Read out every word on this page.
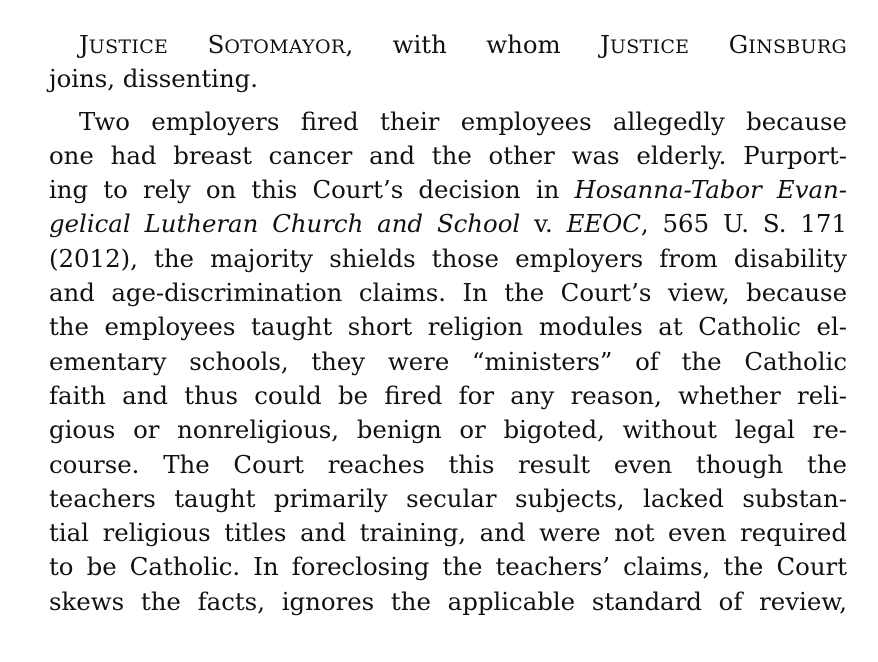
JUSTICE SOTOMAYOR, with whom JUSTICE GINSBURG
joins, dissenting.
Two employers fired their employees allegedly because
one had breast cancer and the other was elderly. Purport-
ing to rely on this Court’s decision in Hosanna-Tabor Evan-
gelical Lutheran Church and School v. EEOC, 565 U. S. 171
(2012), the majority shields those employers from disability
and age-discrimination claims. In the Court’s view, because
the employees taught short religion modules at Catholic el-
ementary schools, they were “ministers” of the Catholic
faith and thus could be fired for any reason, whether reli-
gious or nonreligious, benign or bigoted, without legal re-
course. The Court reaches this result even though the
teachers taught primarily secular subjects, lacked substan-
tial religious titles and training, and were not even required
to be Catholic. In foreclosing the teachers’ claims, the Court
skews the facts, ignores the applicable standard of review,
